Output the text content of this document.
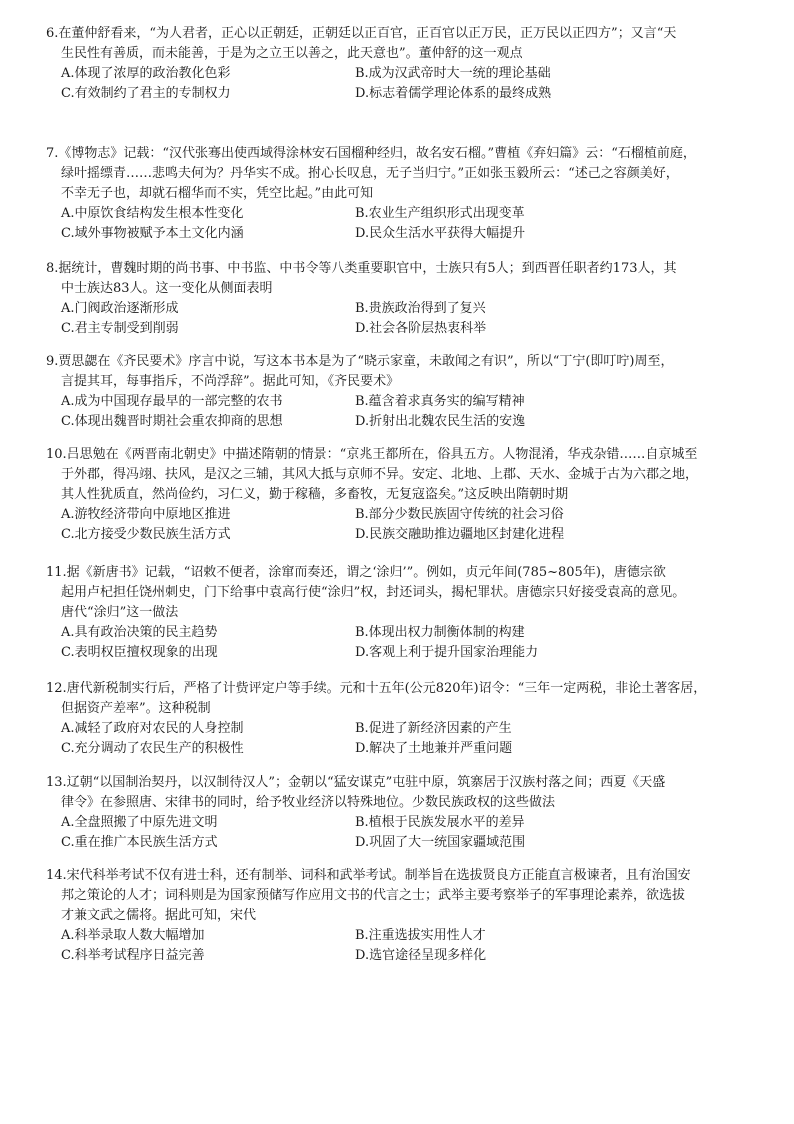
6.在董仲舒看来，“为人君者，正心以正朝廷，正朝廷以正百官，正百官以正万民，正万民以正四方”；又言“天
生民性有善质，而未能善，于是为之立王以善之，此天意也”。董仲舒的这一观点
A.体现了浓厚的政治教化色彩	B.成为汉武帝时大一统的理论基础
C.有效制约了君主的专制权力	D.标志着儒学理论体系的最终成熟
7.《博物志》记载：“汉代张骞出使西域得涂林安石国榴种经归，故名安石榴。”曹植《弃妇篇》云：“石榴植前庭，
绿叶摇缥青……悲鸣夫何为？丹华实不成。拊心长叹息，无子当归宁。”正如张玉毅所云：“述己之容颜美好，
不幸无子也，却就石榴华而不实，凭空比起。”由此可知
A.中原饮食结构发生根本性变化	B.农业生产组织形式出现变革
C.域外事物被赋予本土文化内涵	D.民众生活水平获得大幅提升
8.据统计，曹魏时期的尚书事、中书监、中书令等八类重要职官中，士族只有5人；到西晋任职者约173人，其
中士族达83人。这一变化从侧面表明
A.门阀政治逐渐形成	B.贵族政治得到了复兴
C.君主专制受到削弱	D.社会各阶层热衷科举
9.贾思勰在《齐民要术》序言中说，写这本书本是为了“晓示家童，未敢闻之有识”，所以“丁宁(即叮咛)周至，
言提其耳，每事指斥，不尚浮辞”。据此可知，《齐民要术》
A.成为中国现存最早的一部完整的农书	B.蕴含着求真务实的编写精神
C.体现出魏晋时期社会重农抑商的思想	D.折射出北魏农民生活的安逸
10.吕思勉在《两晋南北朝史》中描述隋朝的情景：“京兆王都所在，俗具五方。人物混淆，华戎杂错……自京城至
于外郡，得冯翊、扶风，是汉之三辅，其风大抵与京师不异。安定、北地、上郡、天水、金城于古为六郡之地，
其人性犹质直，然尚俭约，习仁义，勤于稼穑，多畜牧，无复寇盗矣。”这反映出隋朝时期
A.游牧经济带向中原地区推进	B.部分少数民族固守传统的社会习俗
C.北方接受少数民族生活方式	D.民族交融助推边疆地区封建化进程
11.据《新唐书》记载，“诏敕不便者，涂窜而奏还，谓之‘涂归’”。例如，贞元年间(785~805年)，唐德宗欲
起用卢杞担任饶州刺史，门下给事中袁高行使“涂归”权，封还词头，揭杞罪状。唐德宗只好接受袁高的意见。
唐代“涂归”这一做法
A.具有政治决策的民主趋势	B.体现出权力制衡体制的构建
C.表明权臣擅权现象的出现	D.客观上利于提升国家治理能力
12.唐代新税制实行后，严格了计赀评定户等手续。元和十五年(公元820年)诏令：“三年一定两税，非论土著客居，
但据资产差率”。这种税制
A.减轻了政府对农民的人身控制	B.促进了新经济因素的产生
C.充分调动了农民生产的积极性	D.解决了土地兼并严重问题
13.辽朝“以国制治契丹，以汉制待汉人”；金朝以“猛安谋克”屯驻中原，筑寨居于汉族村落之间；西夏《天盛
律令》在参照唐、宋律书的同时，给予牧业经济以特殊地位。少数民族政权的这些做法
A.全盘照搬了中原先进文明	B.植根于民族发展水平的差异
C.重在推广本民族生活方式	D.巩固了大一统国家疆域范围
14.宋代科举考试不仅有进士科，还有制举、词科和武举考试。制举旨在选拔贤良方正能直言极谏者，且有治国安
邦之策论的人才；词科则是为国家预储写作应用文书的代言之士；武举主要考察举子的军事理论素养，欲选拔
才兼文武之儒将。据此可知，宋代
A.科举录取人数大幅增加	B.注重选拔实用性人才
C.科举考试程序日益完善	D.选官途径呈现多样化
